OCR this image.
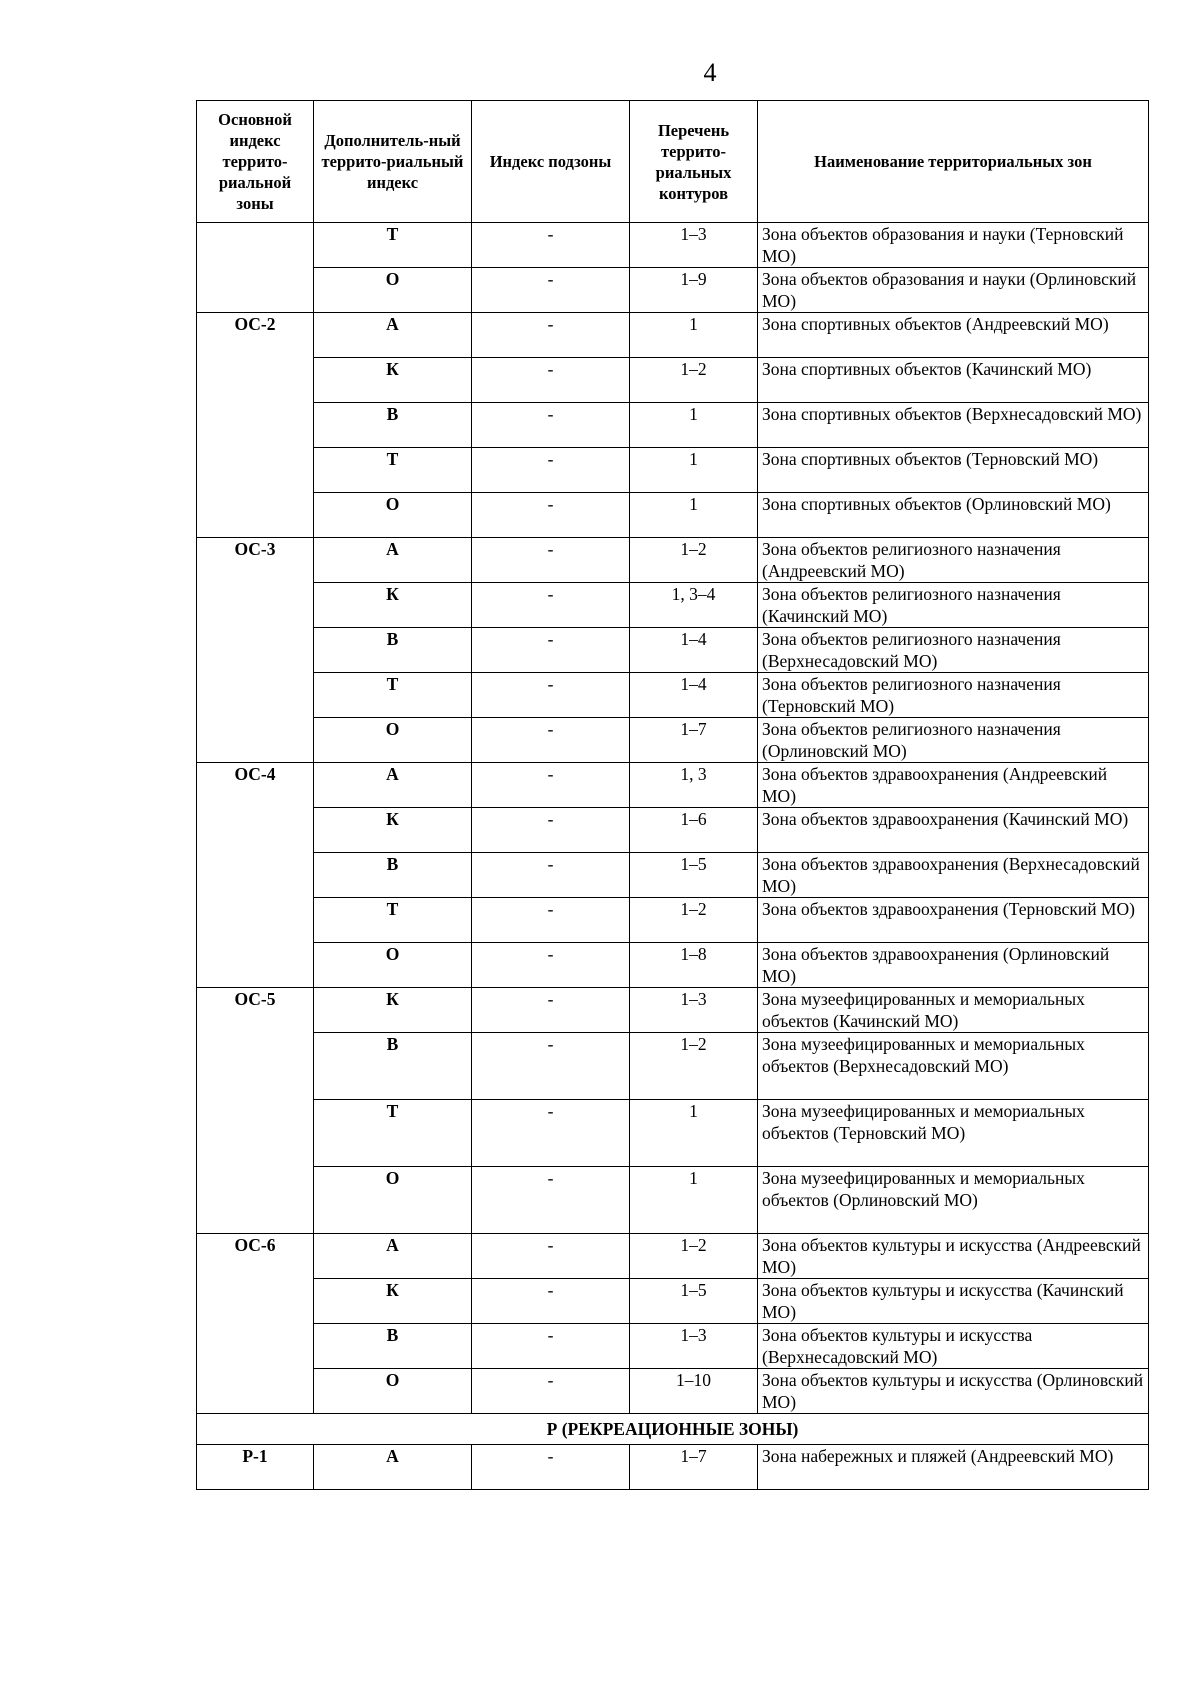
4
Основной индекс террито-риальной зоны	Дополнитель-ный террито-риальный индекс	Индекс подзоны	Перечень террито-риальных контуров	Наименование территориальных зон
	Т	-	1–3	Зона объектов образования и науки (Терновский МО)
	О	-	1–9	Зона объектов образования и науки (Орлиновский МО)
ОС-2	А	-	1	Зона спортивных объектов (Андреевский МО)
	К	-	1–2	Зона спортивных объектов (Качинский МО)
	В	-	1	Зона спортивных объектов (Верхнесадовский МО)
	Т	-	1	Зона спортивных объектов (Терновский МО)
	О	-	1	Зона спортивных объектов (Орлиновский МО)
ОС-3	А	-	1–2	Зона объектов религиозного назначения (Андреевский МО)
	К	-	1, 3–4	Зона объектов религиозного назначения (Качинский МО)
	В	-	1–4	Зона объектов религиозного назначения (Верхнесадовский МО)
	Т	-	1–4	Зона объектов религиозного назначения (Терновский МО)
	О	-	1–7	Зона объектов религиозного назначения (Орлиновский МО)
ОС-4	А	-	1, 3	Зона объектов здравоохранения (Андреевский МО)
	К	-	1–6	Зона объектов здравоохранения (Качинский МО)
	В	-	1–5	Зона объектов здравоохранения (Верхнесадовский МО)
	Т	-	1–2	Зона объектов здравоохранения (Терновский МО)
	О	-	1–8	Зона объектов здравоохранения (Орлиновский МО)
ОС-5	К	-	1–3	Зона музеефицированных и мемориальных объектов (Качинский МО)
	В	-	1–2	Зона музеефицированных и мемориальных объектов (Верхнесадовский МО)
	Т	-	1	Зона музеефицированных и мемориальных объектов (Терновский МО)
	О	-	1	Зона музеефицированных и мемориальных объектов (Орлиновский МО)
ОС-6	А	-	1–2	Зона объектов культуры и искусства (Андреевский МО)
	К	-	1–5	Зона объектов культуры и искусства (Качинский МО)
	В	-	1–3	Зона объектов культуры и искусства (Верхнесадовский МО)
	О	-	1–10	Зона объектов культуры и искусства (Орлиновский МО)
Р (РЕКРЕАЦИОННЫЕ ЗОНЫ)				
Р-1	А	-	1–7	Зона набережных и пляжей (Андреевский МО)
